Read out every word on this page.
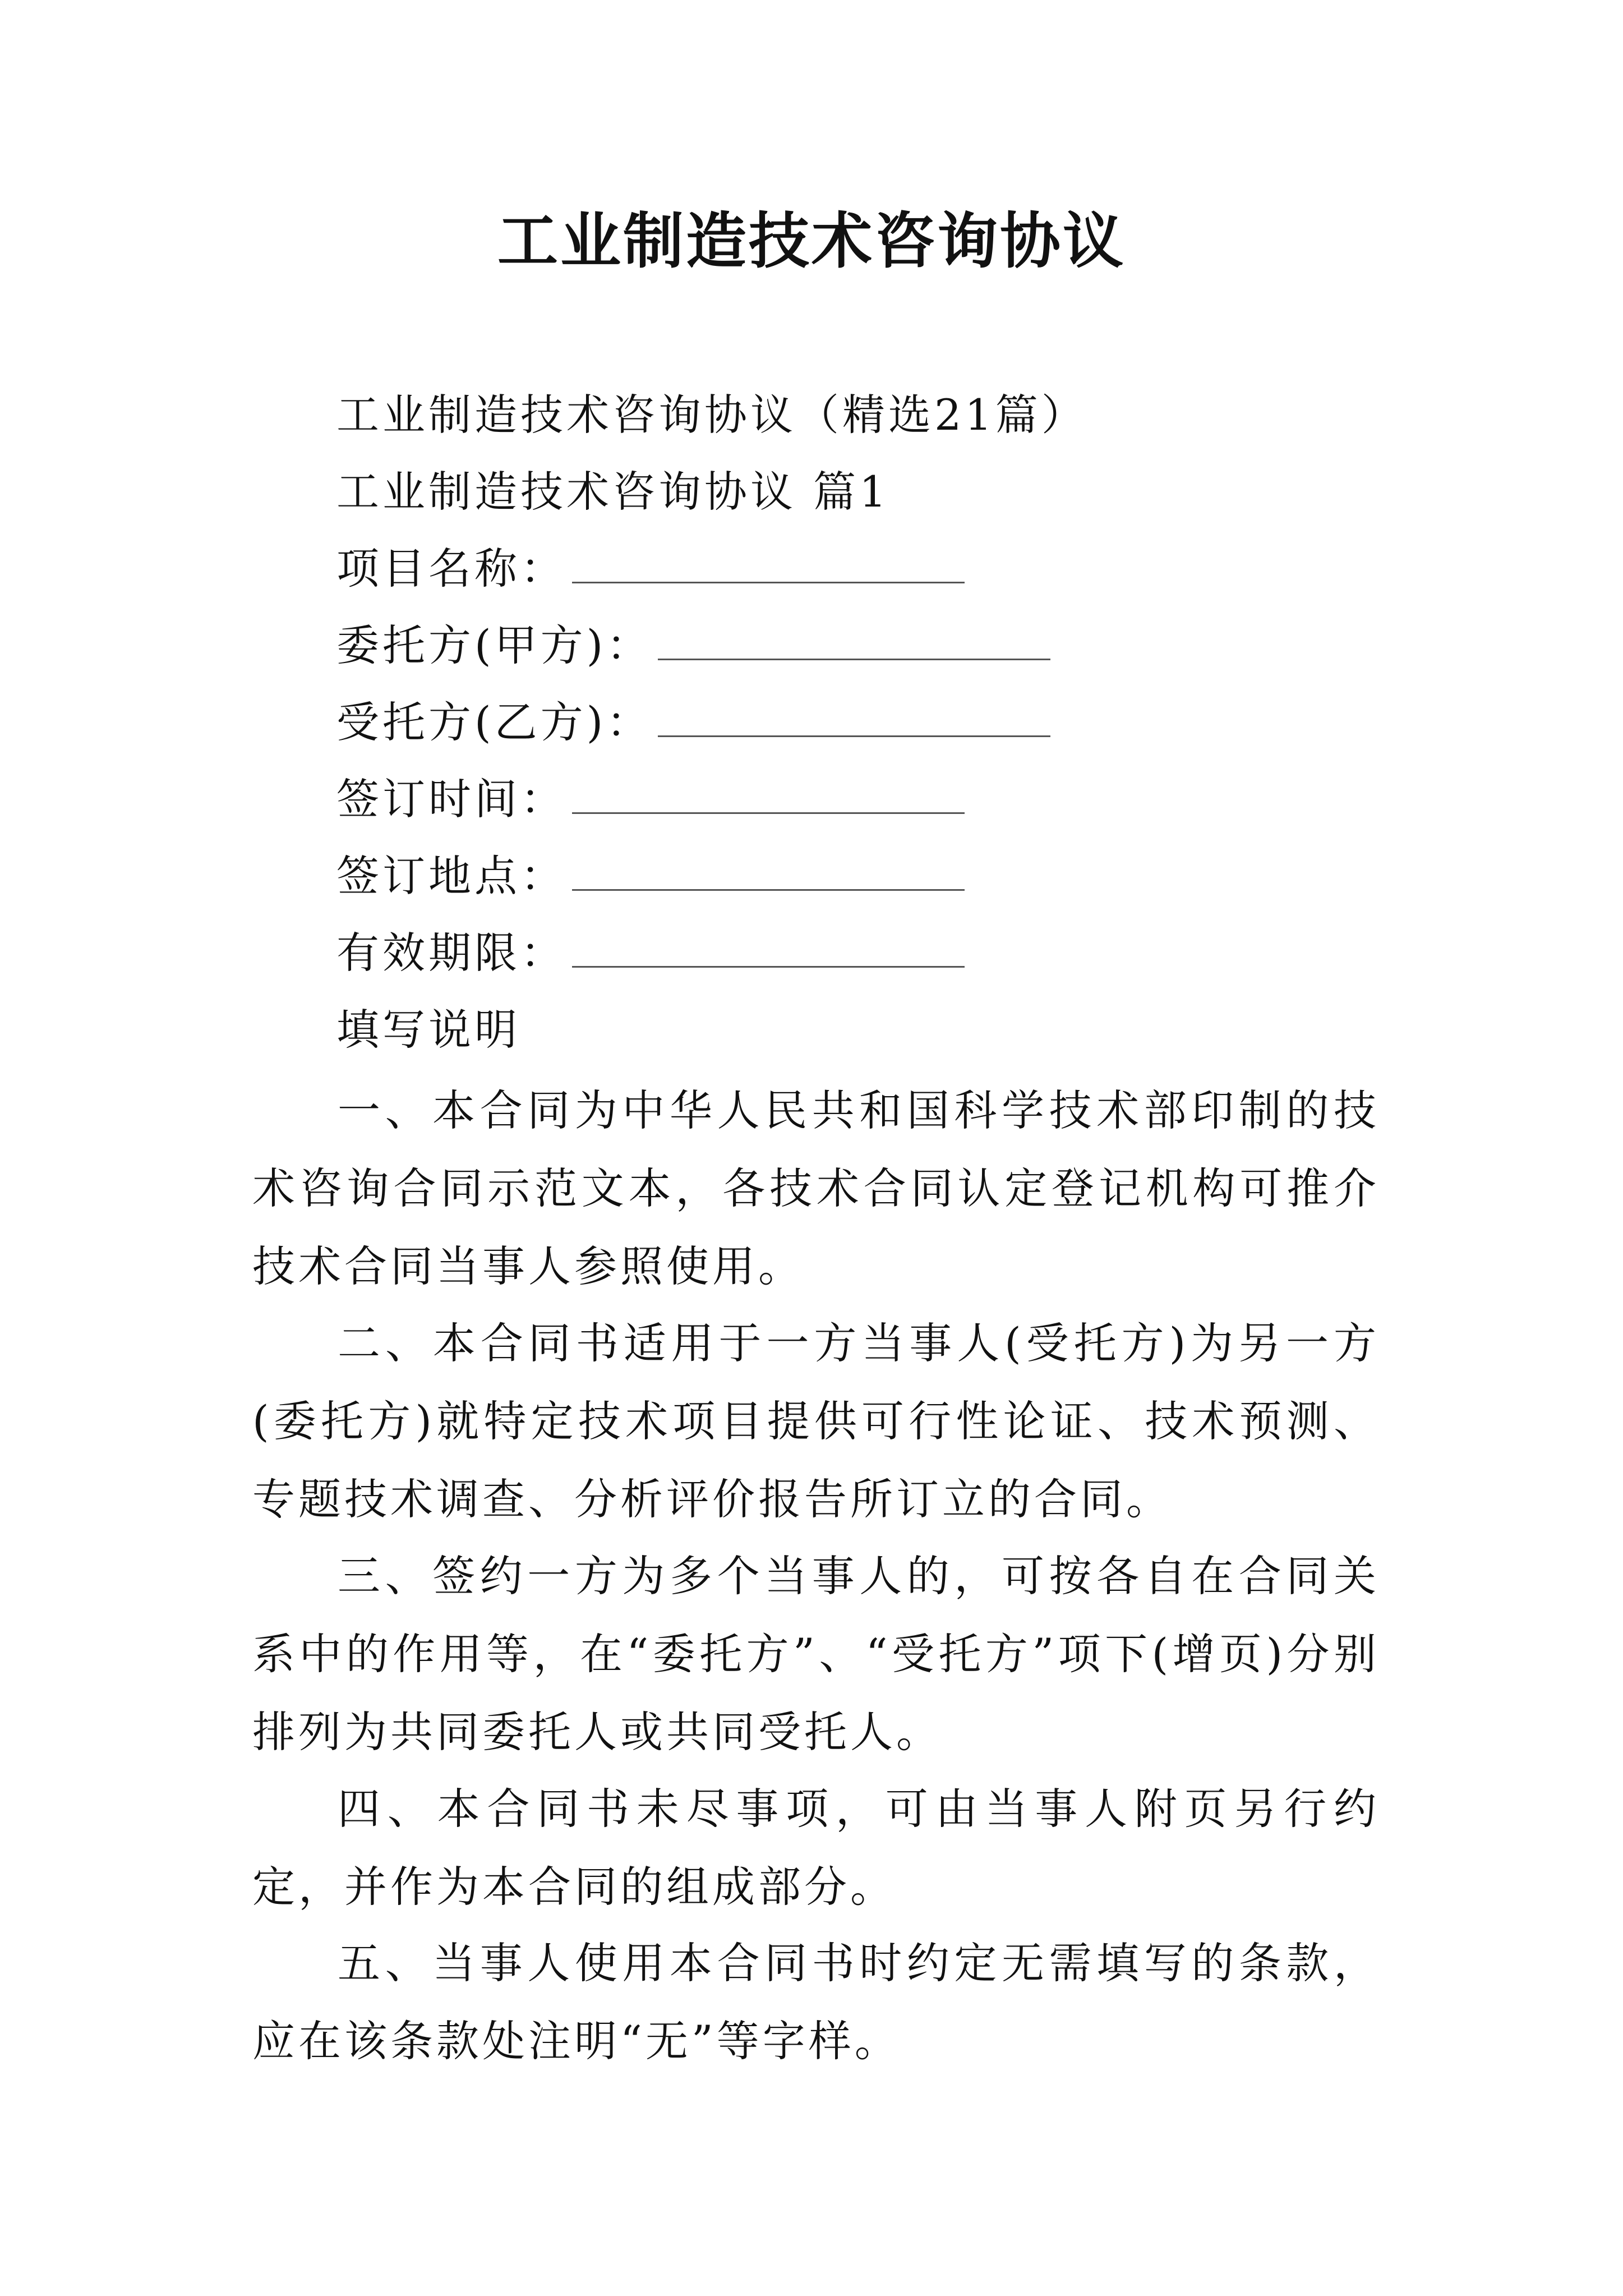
工业制造技术咨询协议
工业制造技术咨询协议（精选21篇）
工业制造技术咨询协议 篇1
项目名称：
委托方(甲方)：
受托方(乙方)：
签订时间：
签订地点：
有效期限：
填写说明

一、本合同为中华人民共和国科学技术部印制的技术咨询合同示范文本，各技术合同认定登记机构可推介技术合同当事人参照使用。

二、本合同书适用于一方当事人(受托方)为另一方(委托方)就特定技术项目提供可行性论证、技术预测、专题技术调查、分析评价报告所订立的合同。

三、签约一方为多个当事人的，可按各自在合同关系中的作用等，在“委托方”、“受托方”项下(增页)分别排列为共同委托人或共同受托人。

四、本合同书未尽事项，可由当事人附页另行约定，并作为本合同的组成部分。

五、当事人使用本合同书时约定无需填写的条款，应在该条款处注明“无”等字样。
